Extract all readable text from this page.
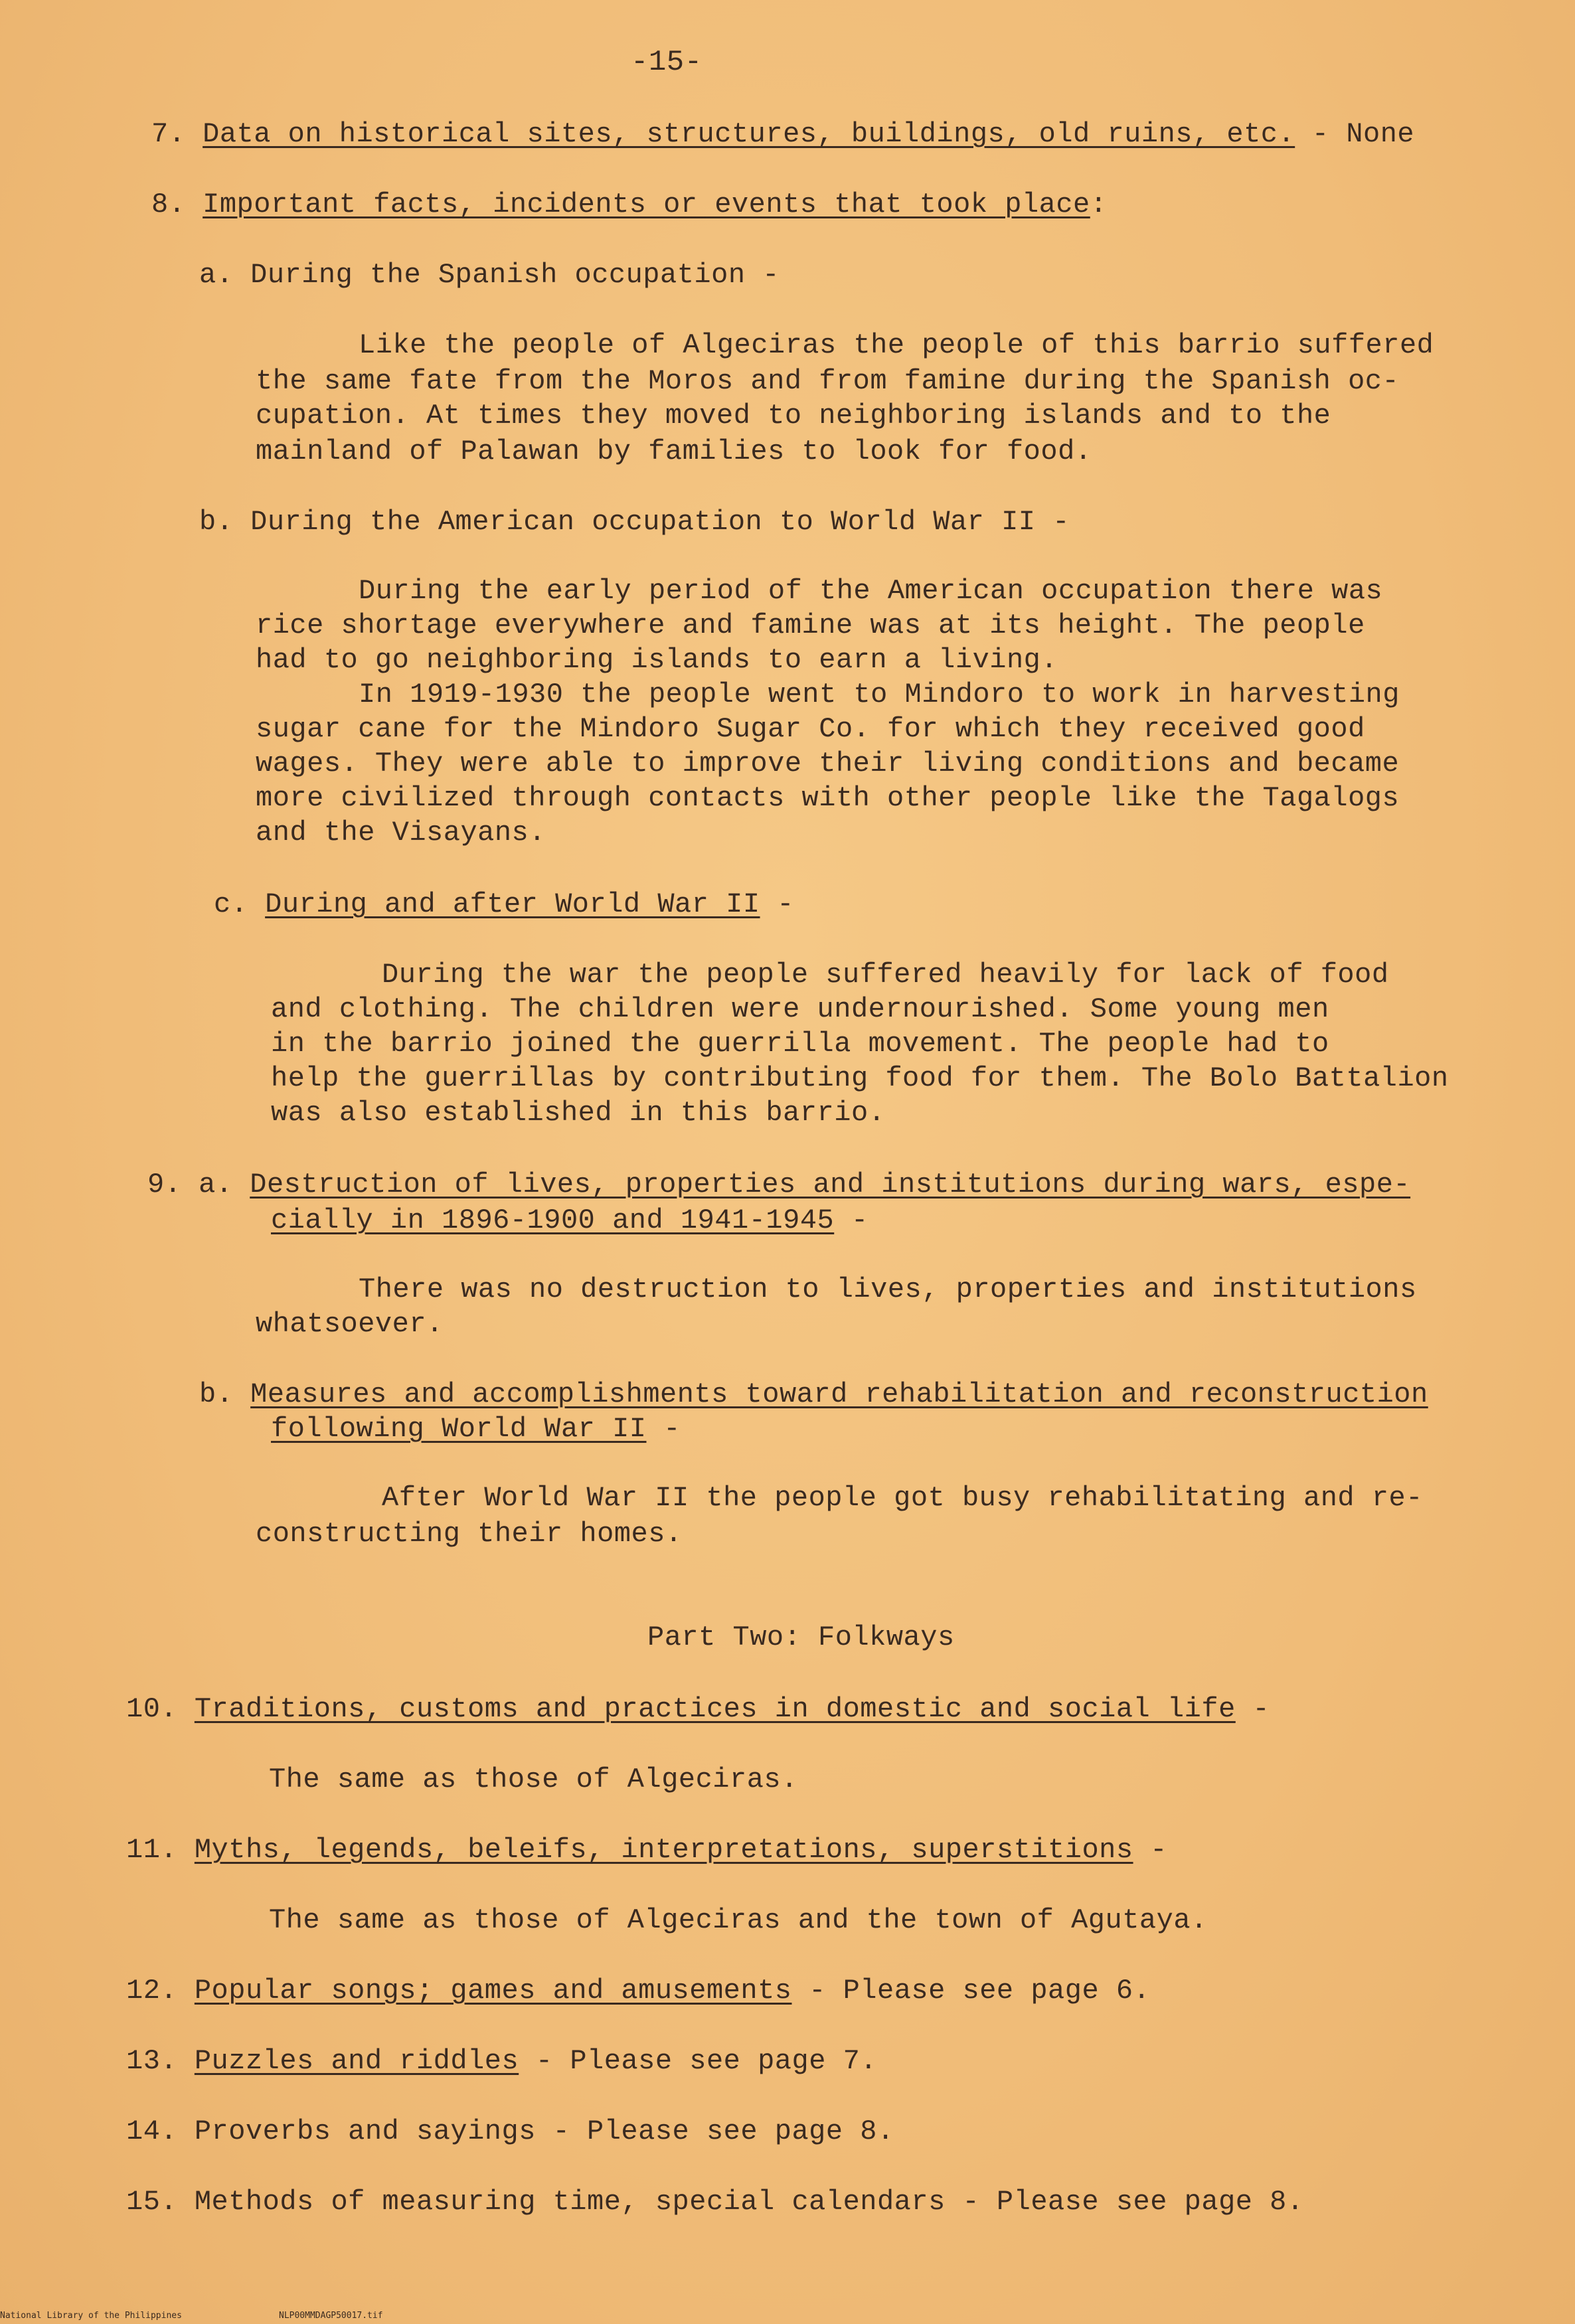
-15-
7. Data on historical sites, structures, buildings, old ruins, etc. - None
8. Important facts, incidents or events that took place:
a. During the Spanish occupation -
Like the people of Algeciras the people of this barrio suffered
the same fate from the Moros and from famine during the Spanish oc-
cupation. At times they moved to neighboring islands and to the
mainland of Palawan by families to look for food.
b. During the American occupation to World War II -
During the early period of the American occupation there was
rice shortage everywhere and famine was at its height. The people
had to go neighboring islands to earn a living.
In 1919-1930 the people went to Mindoro to work in harvesting
sugar cane for the Mindoro Sugar Co. for which they received good
wages. They were able to improve their living conditions and became
more civilized through contacts with other people like the Tagalogs
and the Visayans.
c. During and after World War II -
During the war the people suffered heavily for lack of food
and clothing. The children were undernourished. Some young men
in the barrio joined the guerrilla movement. The people had to
help the guerrillas by contributing food for them. The Bolo Battalion
was also established in this barrio.
9. a. Destruction of lives, properties and institutions during wars, espe-
cially in 1896-1900 and 1941-1945 -
There was no destruction to lives, properties and institutions
whatsoever.
b. Measures and accomplishments toward rehabilitation and reconstruction
following World War II -
After World War II the people got busy rehabilitating and re-
constructing their homes.
Part Two: Folkways
10. Traditions, customs and practices in domestic and social life -
The same as those of Algeciras.
11. Myths, legends, beleifs, interpretations, superstitions -
The same as those of Algeciras and the town of Agutaya.
12. Popular songs; games and amusements - Please see page 6.
13. Puzzles and riddles - Please see page 7.
14. Proverbs and sayings - Please see page 8.
15. Methods of measuring time, special calendars - Please see page 8.
National Library of the Philippines	NLP00MMDAGP50017.tif
